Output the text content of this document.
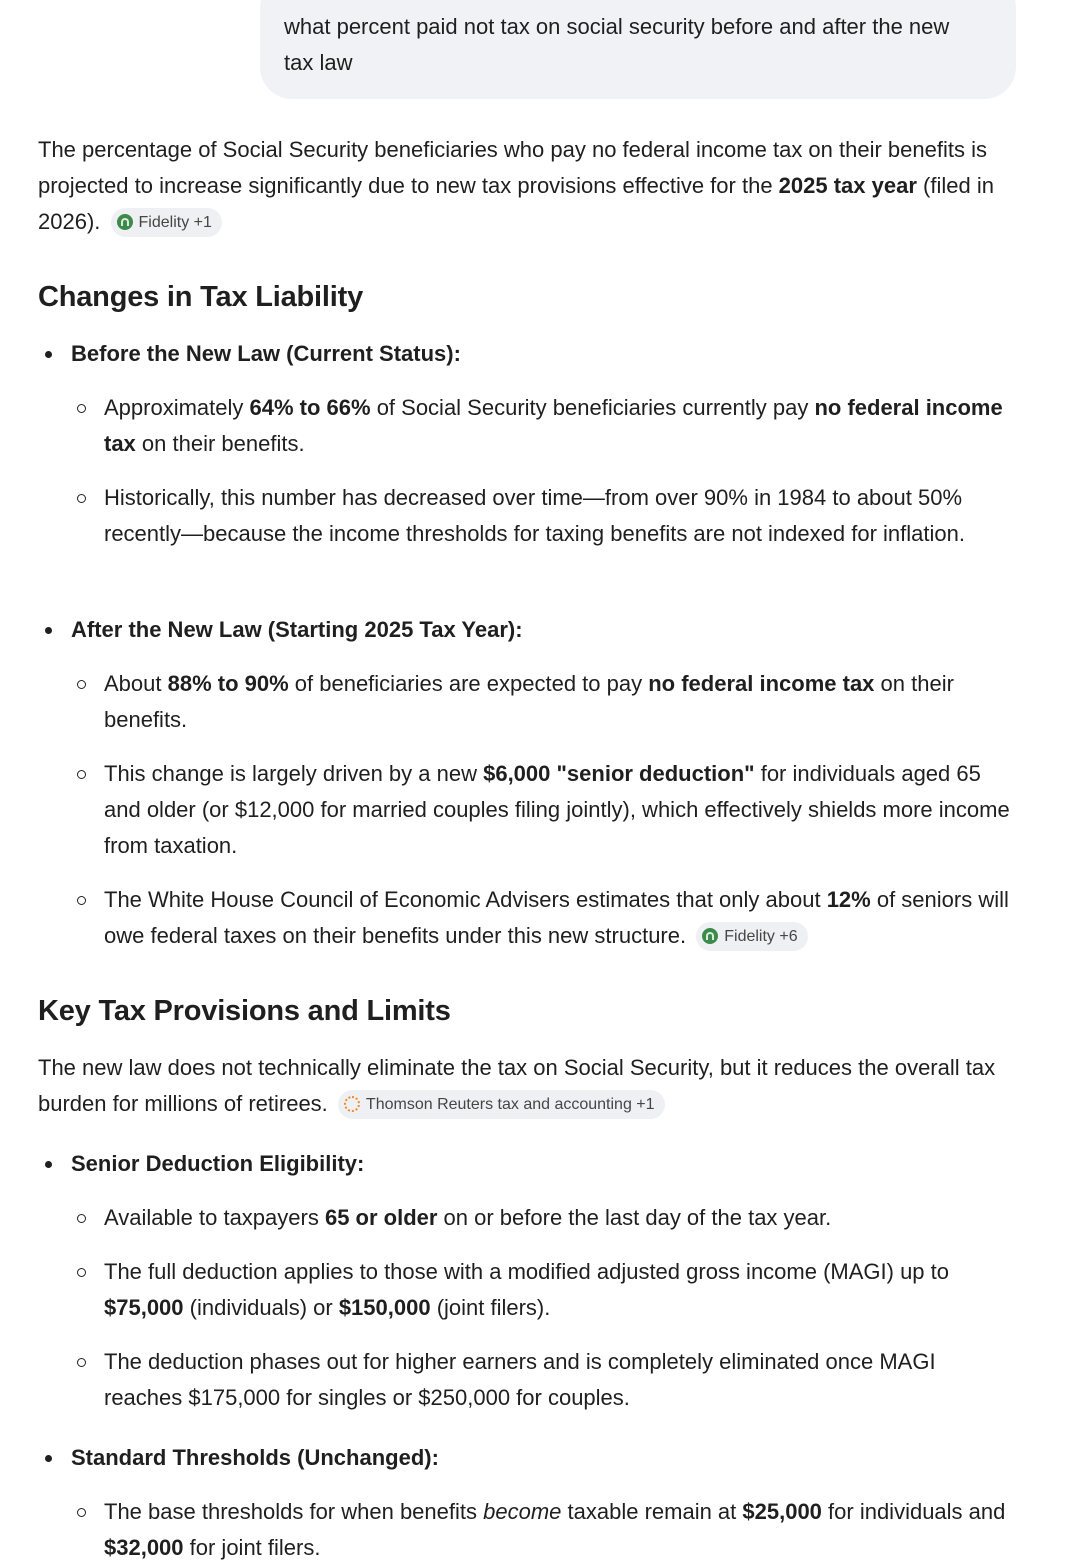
what percent paid not tax on social security before and after the new tax law

The percentage of Social Security beneficiaries who pay no federal income tax on their benefits is projected to increase significantly due to new tax provisions effective for the 2025 tax year (filed in 2026). Fidelity +1

Changes in Tax Liability

Before the New Law (Current Status):

Approximately 64% to 66% of Social Security beneficiaries currently pay no federal income tax on their benefits.

Historically, this number has decreased over time—from over 90% in 1984 to about 50% recently—because the income thresholds for taxing benefits are not indexed for inflation.

After the New Law (Starting 2025 Tax Year):

About 88% to 90% of beneficiaries are expected to pay no federal income tax on their benefits.

This change is largely driven by a new $6,000 "senior deduction" for individuals aged 65 and older (or $12,000 for married couples filing jointly), which effectively shields more income from taxation.

The White House Council of Economic Advisers estimates that only about 12% of seniors will owe federal taxes on their benefits under this new structure. Fidelity +6

Key Tax Provisions and Limits

The new law does not technically eliminate the tax on Social Security, but it reduces the overall tax burden for millions of retirees. Thomson Reuters tax and accounting +1

Senior Deduction Eligibility:

Available to taxpayers 65 or older on or before the last day of the tax year.

The full deduction applies to those with a modified adjusted gross income (MAGI) up to $75,000 (individuals) or $150,000 (joint filers).

The deduction phases out for higher earners and is completely eliminated once MAGI reaches $175,000 for singles or $250,000 for couples.

Standard Thresholds (Unchanged):

The base thresholds for when benefits become taxable remain at $25,000 for individuals and $32,000 for joint filers.
